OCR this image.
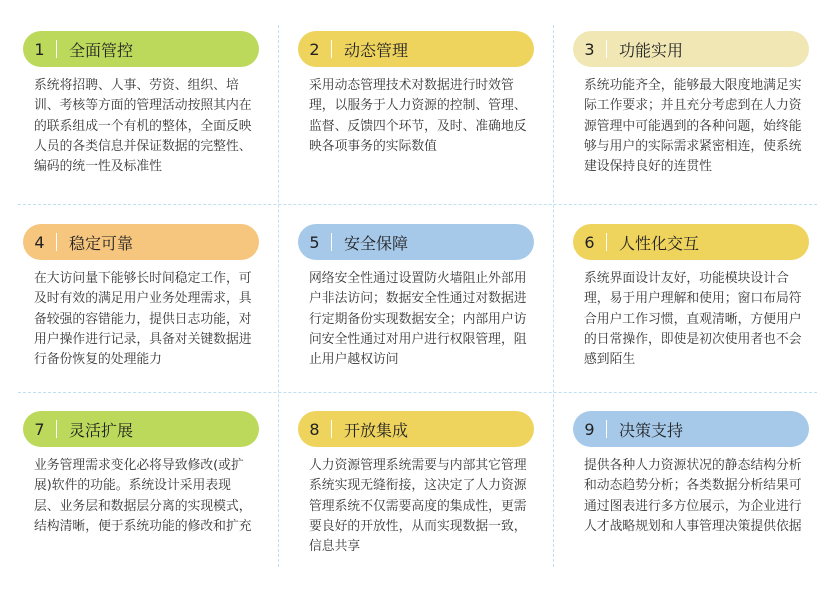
1	全面管控
系统将招聘、人事、劳资、组织、培训、考核等方面的管理活动按照其内在的联系组成一个有机的整体，全面反映人员的各类信息并保证数据的完整性、编码的统一性及标准性
2	动态管理
采用动态管理技术对数据进行时效管理，以服务于人力资源的控制、管理、监督、反馈四个环节，及时、准确地反映各项事务的实际数值
3	功能实用
系统功能齐全，能够最大限度地满足实际工作要求；并且充分考虑到在人力资源管理中可能遇到的各种问题，始终能够与用户的实际需求紧密相连，使系统建设保持良好的连贯性
4	稳定可靠
在大访问量下能够长时间稳定工作，可及时有效的满足用户业务处理需求，具备较强的容错能力，提供日志功能，对用户操作进行记录，具备对关键数据进行备份恢复的处理能力
5	安全保障
网络安全性通过设置防火墙阻止外部用户非法访问；数据安全性通过对数据进行定期备份实现数据安全；内部用户访问安全性通过对用户进行权限管理，阻止用户越权访问
6	人性化交互
系统界面设计友好，功能模块设计合理，易于用户理解和使用；窗口布局符合用户工作习惯，直观清晰，方便用户的日常操作，即使是初次使用者也不会感到陌生
7	灵活扩展
业务管理需求变化必将导致修改(或扩展)软件的功能。系统设计采用表现层、业务层和数据层分离的实现模式，结构清晰，便于系统功能的修改和扩充
8	开放集成
人力资源管理系统需要与内部其它管理系统实现无缝衔接，这决定了人力资源管理系统不仅需要高度的集成性，更需要良好的开放性，从而实现数据一致，信息共享
9	决策支持
提供各种人力资源状况的静态结构分析和动态趋势分析；各类数据分析结果可通过图表进行多方位展示，为企业进行人才战略规划和人事管理决策提供依据
